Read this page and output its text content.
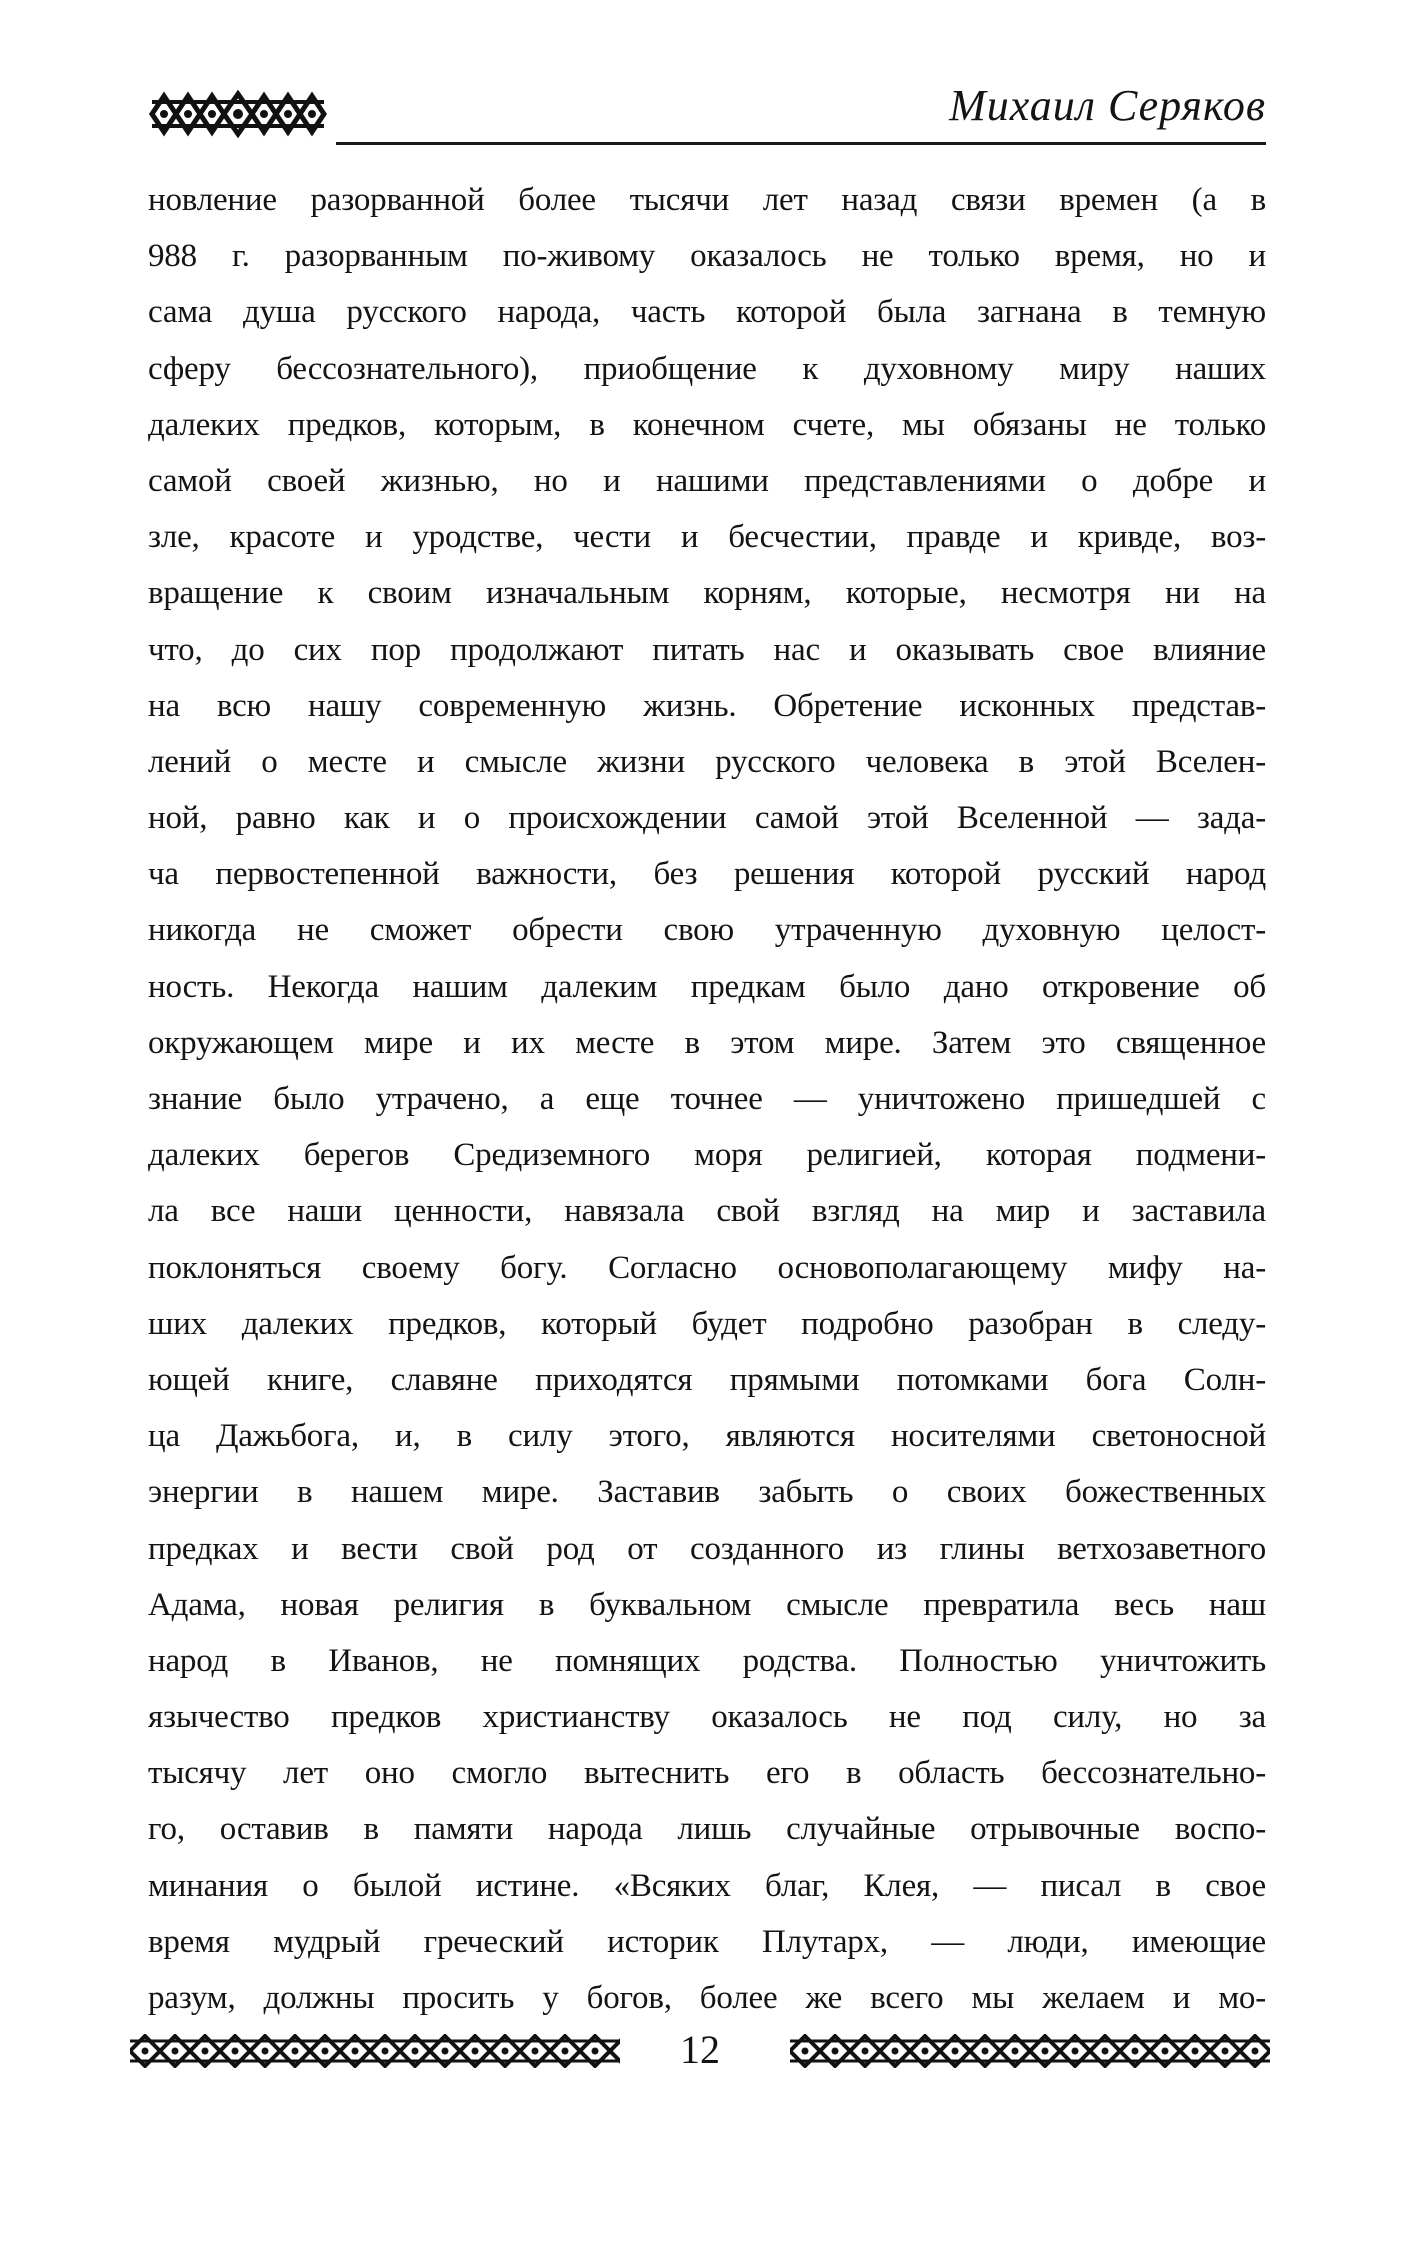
Михаил Серяков
новление разорванной более тысячи лет назад связи времен (а в
988 г. разорванным по-живому оказалось не только время, но и
сама душа русского народа, часть которой была загнана в темную
сферу бессознательного), приобщение к духовному миру наших
далеких предков, которым, в конечном счете, мы обязаны не только
самой своей жизнью, но и нашими представлениями о добре и
зле, красоте и уродстве, чести и бесчестии, правде и кривде, воз-
вращение к своим изначальным корням, которые, несмотря ни на
что, до сих пор продолжают питать нас и оказывать свое влияние
на всю нашу современную жизнь. Обретение исконных представ-
лений о месте и смысле жизни русского человека в этой Вселен-
ной, равно как и о происхождении самой этой Вселенной — зада-
ча первостепенной важности, без решения которой русский народ
никогда не сможет обрести свою утраченную духовную целост-
ность. Некогда нашим далеким предкам было дано откровение об
окружающем мире и их месте в этом мире. Затем это священное
знание было утрачено, а еще точнее — уничтожено пришедшей с
далеких берегов Средиземного моря религией, которая подмени-
ла все наши ценности, навязала свой взгляд на мир и заставила
поклоняться своему богу. Согласно основополагающему мифу на-
ших далеких предков, который будет подробно разобран в следу-
ющей книге, славяне приходятся прямыми потомками бога Солн-
ца Дажьбога, и, в силу этого, являются носителями светоносной
энергии в нашем мире. Заставив забыть о своих божественных
предках и вести свой род от созданного из глины ветхозаветного
Адама, новая религия в буквальном смысле превратила весь наш
народ в Иванов, не помнящих родства. Полностью уничтожить
язычество предков христианству оказалось не под силу, но за
тысячу лет оно смогло вытеснить его в область бессознательно-
го, оставив в памяти народа лишь случайные отрывочные воспо-
минания о былой истине. «Всяких благ, Клея, — писал в свое
время мудрый греческий историк Плутарх, — люди, имеющие
разум, должны просить у богов, более же всего мы желаем и мо-
12
